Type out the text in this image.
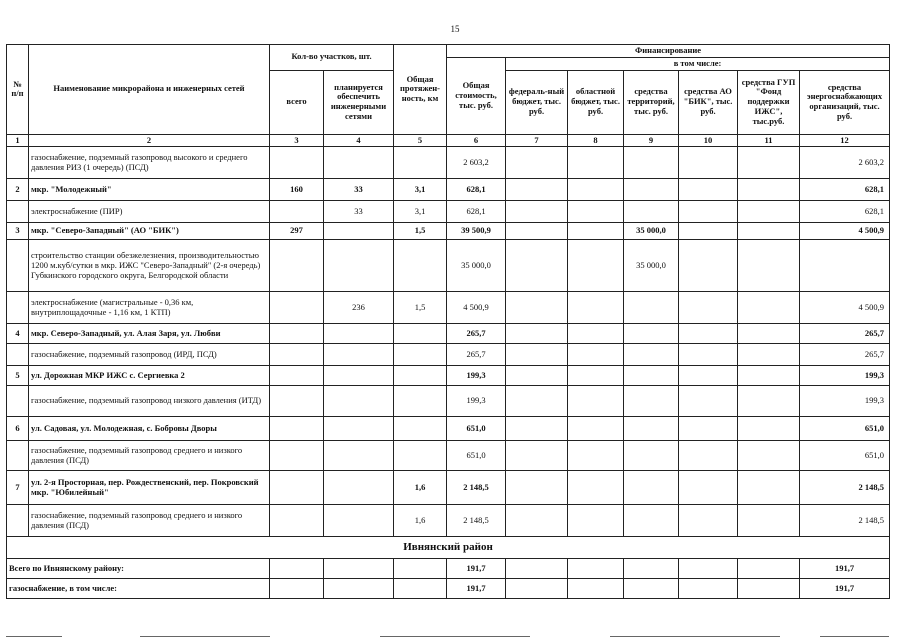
15
№ п/п	Наименование микрорайона и инженерных сетей	Кол-во участков, шт.		Общая протяжен-ность, км	Финансирование						
					Общая стоимость, тыс. руб.	в том числе:					
		всего	планируется обеспечить инженерными сетями			федераль-ный бюджет, тыс. руб.	областной бюджет, тыс. руб.	средства территорий, тыс. руб.	средства АО "БИК", тыс. руб.	средства ГУП "Фонд поддержки ИЖС", тыс.руб.	средства энергоснабжающих организаций, тыс. руб.
1	2	3	4	5	6	7	8	9	10	11	12
	газоснабжение, подземный газопровод высокого и среднего давления РИЗ (1 очередь) (ПСД)				2 603,2						2 603,2
2	мкр. "Молодежный"	160	33	3,1	628,1						628,1
	электроснабжение (ПИР)		33	3,1	628,1						628,1
3	мкр. "Северо-Западный" (АО "БИК")	297		1,5	39 500,9			35 000,0			4 500,9
	строительство станции обезжелезнения, производительностью 1200 м.куб/сутки в мкр. ИЖС "Северо-Западный" (2-я очередь) Губкинского городского округа, Белгородской области				35 000,0			35 000,0			
	электроснабжение (магистральные - 0,36 км, внутриплощадочные - 1,16 км, 1 КТП)		236	1,5	4 500,9						4 500,9
4	мкр. Северо-Западный, ул. Алая Заря, ул. Любви				265,7						265,7
	газоснабжение, подземный газопровод (ИРД, ПСД)				265,7						265,7
5	ул. Дорожная МКР ИЖС с. Сергиевка 2				199,3						199,3
	газоснабжение, подземный газопровод низкого давления (ИТД)				199,3						199,3
6	ул. Садовая, ул. Молодежная, с. Бобровы Дворы				651,0						651,0
	газоснабжение, подземный газопровод среднего и низкого давления (ПСД)				651,0						651,0
7	ул. 2-я Просторная, пер. Рождественский, пер. Покровский мкр. "Юбилейный"			1,6	2 148,5						2 148,5
	газоснабжение, подземный газопровод среднего и низкого давления (ПСД)			1,6	2 148,5						2 148,5
Ивнянский район											
Всего по Ивнянскому району:					191,7						191,7
газоснабжение, в том числе:					191,7						191,7
